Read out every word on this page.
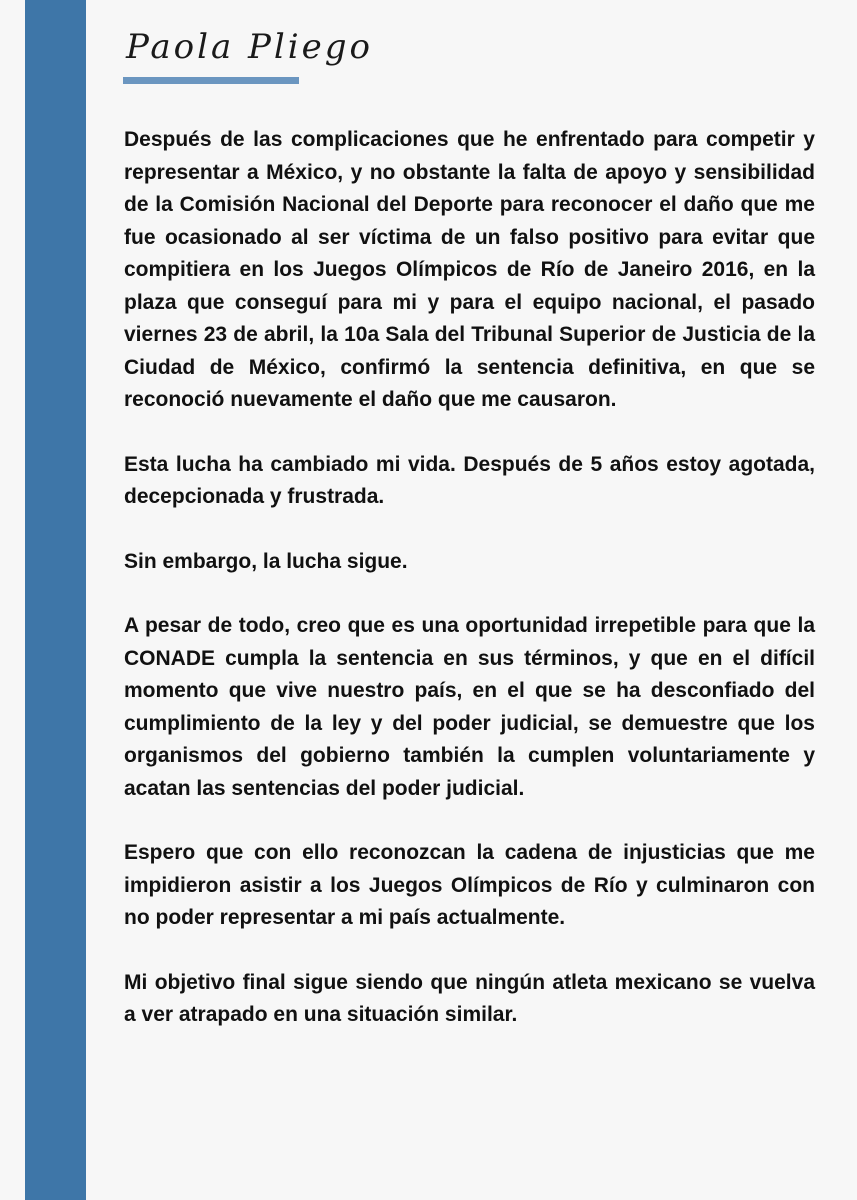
Paola Pliego

Después de las complicaciones que he enfrentado para competir y representar a México, y no obstante la falta de apoyo y sensibilidad de la Comisión Nacional del Deporte para reconocer el daño que me fue ocasionado al ser víctima de un falso positivo para evitar que compitiera en los Juegos Olímpicos de Río de Janeiro 2016, en la plaza que conseguí para mi y para el equipo nacional, el pasado viernes 23 de abril, la 10a Sala del Tribunal Superior de Justicia de la Ciudad de México, confirmó la sentencia definitiva, en que se reconoció nuevamente el daño que me causaron.

Esta lucha ha cambiado mi vida. Después de 5 años estoy agotada, decepcionada y frustrada.

Sin embargo, la lucha sigue.

A pesar de todo, creo que es una oportunidad irrepetible para que la CONADE cumpla la sentencia en sus términos, y que en el difícil momento que vive nuestro país, en el que se ha desconfiado del cumplimiento de la ley y del poder judicial, se demuestre que los organismos del gobierno también la cumplen voluntariamente y acatan las sentencias del poder judicial.

Espero que con ello reconozcan la cadena de injusticias que me impidieron asistir a los Juegos Olímpicos de Río y culminaron con no poder representar a mi país actualmente.

Mi objetivo final sigue siendo que ningún atleta mexicano se vuelva a ver atrapado en una situación similar.
